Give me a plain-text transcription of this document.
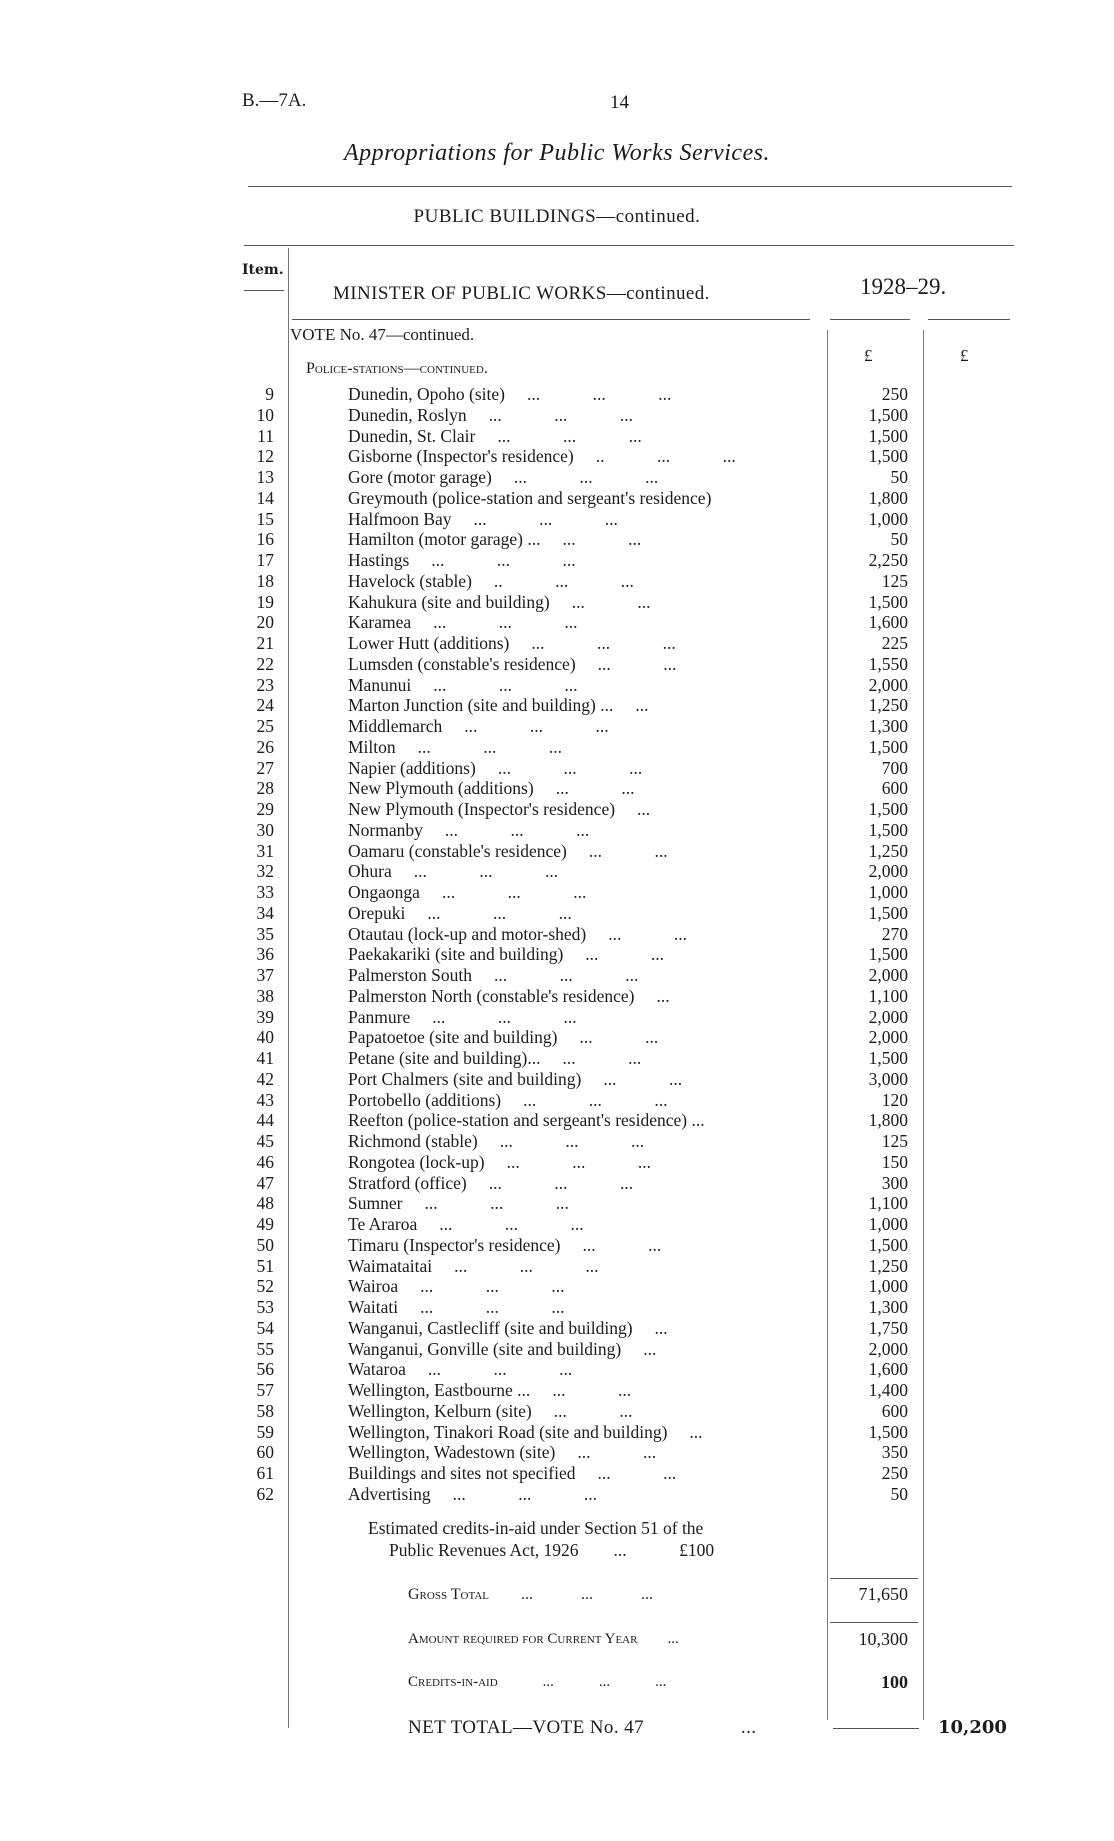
B.—7A.	14
Appropriations for Public Works Services.
PUBLIC BUILDINGS—continued.
Item.
MINISTER OF PUBLIC WORKS—continued.	1928–29.
VOTE No. 47—continued.
£	£
Police-stations—continued.
9	Dunedin, Opoho (site) ...   ...   ...	250
10	Dunedin, Roslyn ...   ...   ...	1,500
11	Dunedin, St. Clair ...   ...   ...	1,500
12	Gisborne (Inspector's residence) ..   ...   ...	1,500
13	Gore (motor garage) ...   ...   ...	50
14	Greymouth (police-station and sergeant's residence)	1,800
15	Halfmoon Bay ...   ...   ...	1,000
16	Hamilton (motor garage) ... ...   ...	50
17	Hastings ...   ...   ...	2,250
18	Havelock (stable) ..   ...   ...	125
19	Kahukura (site and building) ...   ...	1,500
20	Karamea ...   ...   ...	1,600
21	Lower Hutt (additions) ...   ...   ...	225
22	Lumsden (constable's residence) ...   ...	1,550
23	Manunui ...   ...   ...	2,000
24	Marton Junction (site and building) ... ...	1,250
25	Middlemarch ...   ...   ...	1,300
26	Milton ...   ...   ...	1,500
27	Napier (additions) ...   ...   ...	700
28	New Plymouth (additions) ...   ...	600
29	New Plymouth (Inspector's residence) ...	1,500
30	Normanby ...   ...   ...	1,500
31	Oamaru (constable's residence) ...   ...	1,250
32	Ohura ...   ...   ...	2,000
33	Ongaonga ...   ...   ...	1,000
34	Orepuki ...   ...   ...	1,500
35	Otautau (lock-up and motor-shed) ...   ...	270
36	Paekakariki (site and building) ...   ...	1,500
37	Palmerston South ...   ...   ...	2,000
38	Palmerston North (constable's residence) ...	1,100
39	Panmure ...   ...   ...	2,000
40	Papatoetoe (site and building) ...   ...	2,000
41	Petane (site and building)... ...   ...	1,500
42	Port Chalmers (site and building) ...   ...	3,000
43	Portobello (additions) ...   ...   ...	120
44	Reefton (police-station and sergeant's residence) ...	1,800
45	Richmond (stable) ...   ...   ...	125
46	Rongotea (lock-up) ...   ...   ...	150
47	Stratford (office) ...   ...   ...	300
48	Sumner ...   ...   ...	1,100
49	Te Araroa ...   ...   ...	1,000
50	Timaru (Inspector's residence) ...   ...	1,500
51	Waimataitai ...   ...   ...	1,250
52	Wairoa ...   ...   ...	1,000
53	Waitati ...   ...   ...	1,300
54	Wanganui, Castlecliff (site and building) ...	1,750
55	Wanganui, Gonville (site and building) ...	2,000
56	Wataroa ...   ...   ...	1,600
57	Wellington, Eastbourne ... ...   ...	1,400
58	Wellington, Kelburn (site) ...   ...	600
59	Wellington, Tinakori Road (site and building) ...	1,500
60	Wellington, Wadestown (site) ...   ...	350
61	Buildings and sites not specified ...   ...	250
62	Advertising ...   ...   ...	50
Estimated credits-in-aid under Section 51 of the
Public Revenues Act, 1926  ...   £100
Gross Total  ...   ...   ...	71,650
Amount required for Current Year  ...	10,300
Credits-in-aid   ...   ...   ...	100
NET TOTAL—VOTE No. 47     ...	10,200
